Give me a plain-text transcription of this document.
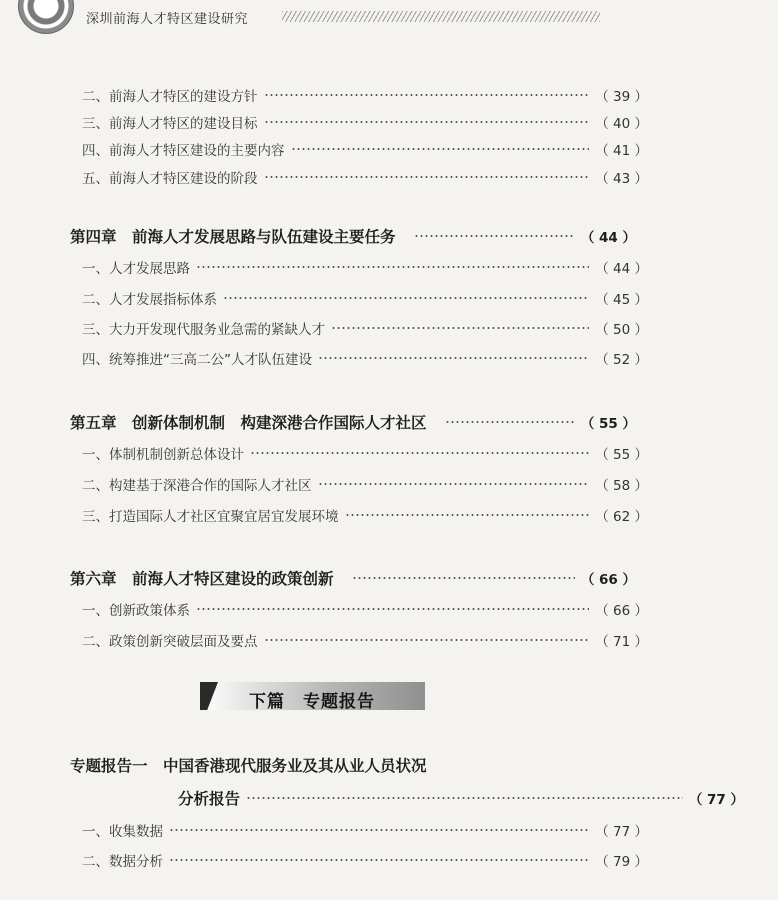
深圳前海人才特区建设研究
二、前海人才特区的建设方针	（ 39 ）
三、前海人才特区的建设目标	（ 40 ）
四、前海人才特区建设的主要内容	（ 41 ）
五、前海人才特区建设的阶段	（ 43 ）
第四章　前海人才发展思路与队伍建设主要任务	（ 44 ）
一、人才发展思路	（ 44 ）
二、人才发展指标体系	（ 45 ）
三、大力开发现代服务业急需的紧缺人才	（ 50 ）
四、统筹推进“三高二公”人才队伍建设	（ 52 ）
第五章　创新体制机制　构建深港合作国际人才社区	（ 55 ）
一、体制机制创新总体设计	（ 55 ）
二、构建基于深港合作的国际人才社区	（ 58 ）
三、打造国际人才社区宜聚宜居宜发展环境	（ 62 ）
第六章　前海人才特区建设的政策创新	（ 66 ）
一、创新政策体系	（ 66 ）
二、政策创新突破层面及要点	（ 71 ）
下篇　专题报告
专题报告一　中国香港现代服务业及其从业人员状况
分析报告	（ 77 ）
一、收集数据	（ 77 ）
二、数据分析	（ 79 ）
